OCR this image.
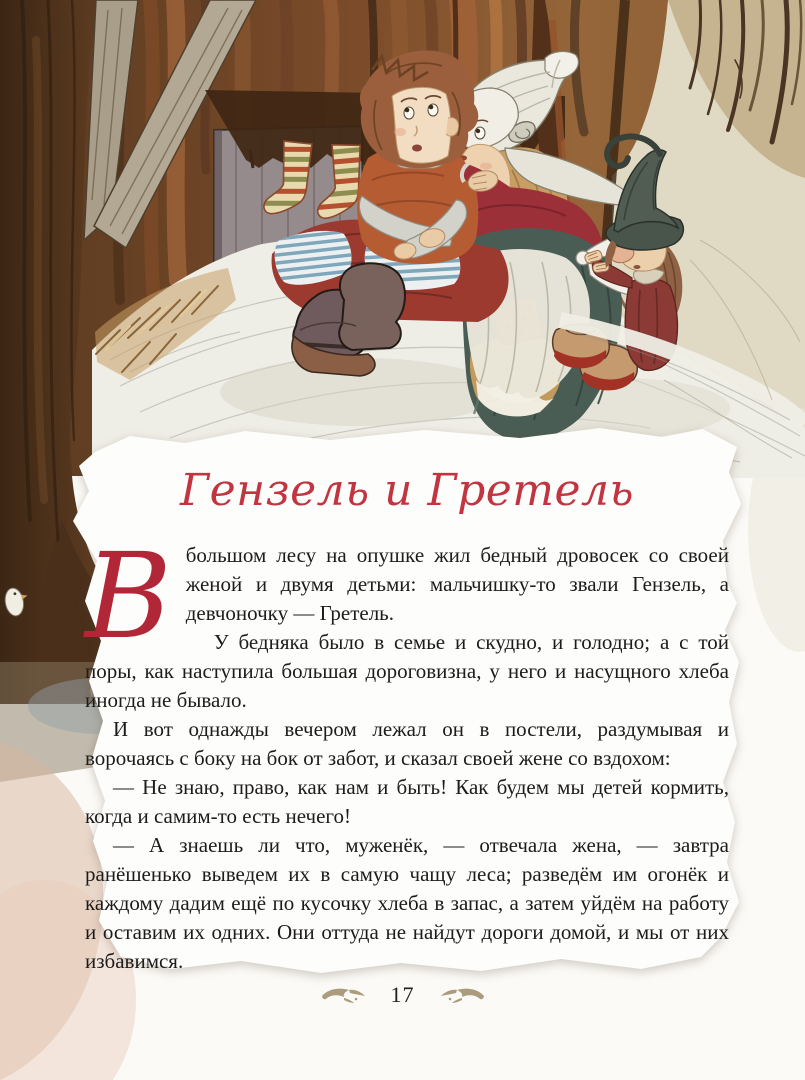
Гензель и Гретель

Вбольшом лесу на опушке жил бедный дровосек со своей женой и двумя детьми: мальчишку-то звали Гензель, а девчоночку — Гретель.

У бедняка было в семье и скудно, и голодно; а с той поры, как наступила большая дороговизна, у него и насущного хлеба иногда не бывало.

И вот однажды вечером лежал он в постели, раздумывая и ворочаясь с боку на бок от забот, и сказал своей жене со вздохом:

— Не знаю, право, как нам и быть! Как будем мы детей кормить, когда и самим-то есть нечего!

— А знаешь ли что, муженёк, — отвечала жена, — завтра ранёшенько выведем их в самую чащу леса; разведём им огонёк и каждому дадим ещё по кусочку хлеба в запас, а затем уйдём на работу и оставим их одних. Они оттуда не найдут дороги домой, и мы от них избавимся.

17
